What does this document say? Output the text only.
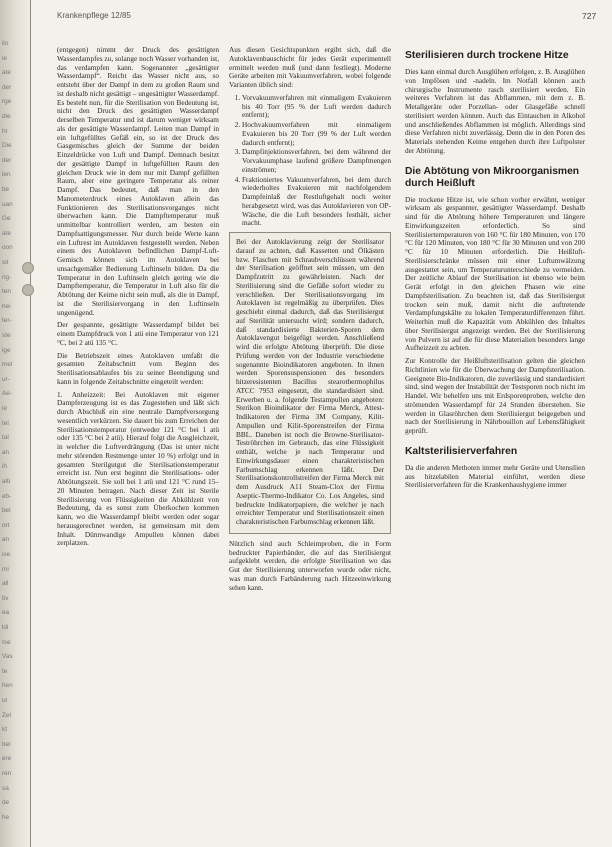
ilo
ie
ate
der
rge
die
ht
Die
der
len
be
uan
Ge
ate
oon
sit
rig-
ten
hei
ter-
ste
ige
mel
ur-
Ae-
ie
tel
tal
an
ih
alti
eb-
bel
ort
an
ise
mi
all
tiv
ea
ldi
Ise
Vas
te
hen
ul
Zel
kt
bei
ere
ren
sa
de
he
Krankenpflege 12/85	727

(entgegen) nimmt der Druck des gesättigten Wasserdampfes zu, solange noch Wasser vorhanden ist, das verdampfen kann. Sogenannter „gesättigter Wasserdampf“. Reicht das Wasser nicht aus, so entsteht über der Dampf in dem zu großen Raum und ist deshalb nicht gesättigt – ungesättigter Wasserdampf. Es besteht nun, für die Sterilisation von Bedeutung ist, nicht den Druck des gesättigten Wasserdampf derselben Temperatur und ist darum weniger wirksam als der gesättigte Wasserdampf. Leiten man Dampf in ein luftgefülltes Gefäß ein, so ist der Druck des Gasgemisches gleich der Summe der beiden Einzeldrücke von Luft und Dampf. Demnach besitzt der gesättigte Dampf in luftgefüllten Raum den gleichen Druck wie in dem nur mit Dampf gefüllten Raum, aber eine geringere Temperatur als reiner Dampf. Das bedeutet, daß man in den Manometerdruck eines Autoklaven allein das Funktionieren des Sterilisationsvorganges nicht überwachen kann. Die Dampftemperatur muß unmittelbar kontrolliert werden, am besten ein Dampfsattigungsmesser. Nur durch beide Werte kann ein Luftrest im Autoklaven festgestellt werden. Neben einem des Autoklaven befindlichen Dampf-Luft-Gemisch können sich im Autoklaven bei unsachgemäßer Bedienung Luftinseln bilden. Da die Temperatur in den Luftinseln gleich gering wie die Dampftemperatur, die Temperatur in Luft also für die Abtötung der Keime nicht sein muß, als die in Dampf, ist die Sterilisiervorgang in den Luftinseln ungenügend.

Der gespannte, gesättigte Wasserdampf bildet bei einem Dampfdruck von 1 atü eine Temperatur von 121 °C, bei 2 atü 135 °C.

Die Betriebszeit eines Autoklaven umfaßt die gesamten Zeitabschnitt vom Beginn des Sterilisationsablaufes bis zu seiner Beendigung und kann in folgende Zeitabschnitte eingeteilt werden:

1. Anheizzeit: Bei Autoklaven mit eigener Dampferzeugung ist es das Zugestehen und läßt sich durch Abschluß ein eine neutrale Dampfversorgung wesentlich verkürzen. Sie dauert bis zum Erreichen der Sterilisationstemperatur (entweder 121 °C bei 1 atü oder 135 °C bei 2 atü). Hierauf folgt die Ausgleichzeit, in welcher die Luftverdrängung (Das ist unter nicht mehr störenden Restmenge unter 10 %) erfolgt und in gesamten Sterilgutgut die Sterilisationstemperatur erreicht ist. Nun erst beginnt die Sterilisations- oder Abtötungszeit. Sie soll bei 1 atü und 121 °C rund 15–20 Minuten betragen. Nach dieser Zeit ist Sterile Sterilisierung von Flüssigkeiten die Abkühlzeit von Bedeutung, da es sonst zum Überkochen kommen kann, wo die Wasserdampf bleibt werden oder sogar herausgerechnet werden, ist gemeinsam mit dem Inhalt. Dünnwandige Ampullen können dabei zerplatzen.

Aus diesen Gesichtspunkten ergibt sich, daß die Autoklavenbauschicht für jedes Gerät experimentell ermittelt werden muß (und dann festliegt). Moderne Geräte arbeiten mit Vakuumverfahren, wobei folgende Varianten üblich sind:

1. Vorvakuumverfahren mit einmaligem Evakuieren bis 40 Torr (95 % der Luft werden dadurch entfernt);
2. Hochvakuumverfahren mit einmaligem Evakuieren bis 20 Torr (99 % der Luft werden dadurch entfernt);
3. Dampfinjektionsverfahren, bei dem während der Vorvakuumphase laufend größere Dampfmengen einströmen;
4. Fraktioniertes Vakuumverfahren, bei dem durch wiederholtes Evakuieren mit nachfolgendem Dampfeinlaß der Restluftgehalt noch weiter herabgesetzt wird, was das Autoklavieren von OP-Wäsche, die die Luft besonders festhält, sicher macht.

Bei der Autoklavierung zeigt der Sterilisator darauf zu achten, daß Kassetten und Ölkästen bzw. Flaschen mit Schraubverschlüssen während der Sterilisation geöffnet sein müssen, um den Dampfzutritt zu gewährleisten. Nach der Sterilisierung sind die Gefäße sofort wieder zu verschließen. Der Sterilisationsvorgang im Autoklaven ist regelmäßig zu überprüfen. Dies geschieht einmal dadurch, daß das Sterilisiergut auf Sterilität untersucht wird; sondern dadurch, daß standardisierte Bakterien-Sporen dem Autoklavengut beigefügt werden. Anschließend wird die erfolgte Abtötung überprüft. Die diese Prüfung werden von der Industrie verschiedene sogenannte Bioindikatoren angeboten. In ihnen werden Sporensuspensionen des besonders hitzeresistenten Bacillus stearothermophilus ATCC 7953 eingesetzt, die standardisiert sind. Erwerben u. a. folgende Testampullen angeboten: Sterikon Bioindikator der Firma Merck, Attest-Indikatoren der Firma 3M Company, Kilit-Ampullen und Kilit-Sporenstreifen der Firma BBL. Daneben ist noch die Browne-Sterilisator-Teströhrchen im Gebrauch, das eine Flüssigkeit enthält, welche je nach Temperatur und Einwirkungsdauer einen charakteristischen Farbumschlag erkennen läßt. Der Sterilisationskontrollstreifen der Firma Merck mit dem Ausdruck A11 Steam-Clox der Firma Aseptic-Thermo-Indikator Co. Los Angeles, sind bedruckte Indikatorpapiere, die welcher je nach erreichter Temperatur und Sterilisationszeit einen charakteristischen Farbumschlag erkennen läßt.

Nützlich sind auch Schleimproben, die in Form bedruckter Papierbänder, die auf das Sterilisiergut aufgeklebt werden, die erfolgte Sterilisation wo das Gut der Sterilisierung unterworfen wurde oder nicht, was man durch Farbänderung nach Hitzeeinwirkung sehen kann.

Sterilisieren durch trockene Hitze

Dies kann einmal durch Ausglühen erfolgen, z. B. Ausglühen von Impfösen und -nadeln. Im Notfall können auch chirurgische Instrumente rasch sterilisiert werden. Ein weiteres Verfahren ist das Abflammen, mit dem z. B. Metallgeräte oder Porzellan- oder Glasgefäße schnell sterilisiert werden können. Auch das Eintauchen in Alkohol und anschließendes Abflammen ist möglich. Allerdings sind diese Verfahren nicht zuverlässig. Denn die in den Poren des Materials stehenden Keime entgehen durch ihre Luftpolster der Abtötung.

Die Abtötung von Mikroorganismen durch Heißluft

Die trockene Hitze ist, wie schon vorher erwähnt, weniger wirksam als gespannter, gesättigter Wasserdampf. Deshalb sind für die Abtötung höhere Temperaturen und längere Einwirkungszeiten erforderlich. So sind Sterilisiertemperaturen von 160 °C für 180 Minuten, von 170 °C für 120 Minuten, von 180 °C für 30 Minuten und von 200 °C für 10 Minuten erforderlich. Die Heißluft-Sterilisierschränke müssen mit einer Luftumwälzung ausgestattet sein, um Temperaturunterschiede zu vermeiden. Der zeitliche Ablauf der Sterilisation ist ebenso wie beim Gerät erfolgt in den gleichen Phasen wie eine Dampfsterilisation. Zu beachten ist, daß das Sterilisiergut trocken sein muß, damit nicht die auftretende Verdampfungskälte zu lokalen Temperaturdifferenzen führt. Weiterhin muß die Kapazität vom Abkühlen des Inhaltes über Sterilisiergut angezeigt werden. Bei der Sterilisierung von Pulvern ist auf die für diese Materialien besonders lange Aufheizzeit zu achten.

Zur Kontrolle der Heißluftsterilisation gelten die gleichen Richtlinien wie für die Überwachung der Dampfsterilisation. Geeignete Bio-Indikatoren, die zuverlässig und standardisiert sind, sind wegen der Instabilität der Testsporen noch nicht im Handel. Wir behelfen uns mit Erdsporenproben, welche den strömenden Wasserdampf für 24 Stunden überstehen. Sie werden in Glasröhrchen dem Sterilisiergut beigegeben und nach der Sterilisierung in Nährbouillon auf Lebensfähigkeit geprüft.

Kaltsterilisierverfahren

Da die anderen Methoten immer mehr Geräte und Utensilien aus hitzelabilen Material einführt, werden diese Sterilisierverfahren für die Krankenhaushygiene immer
